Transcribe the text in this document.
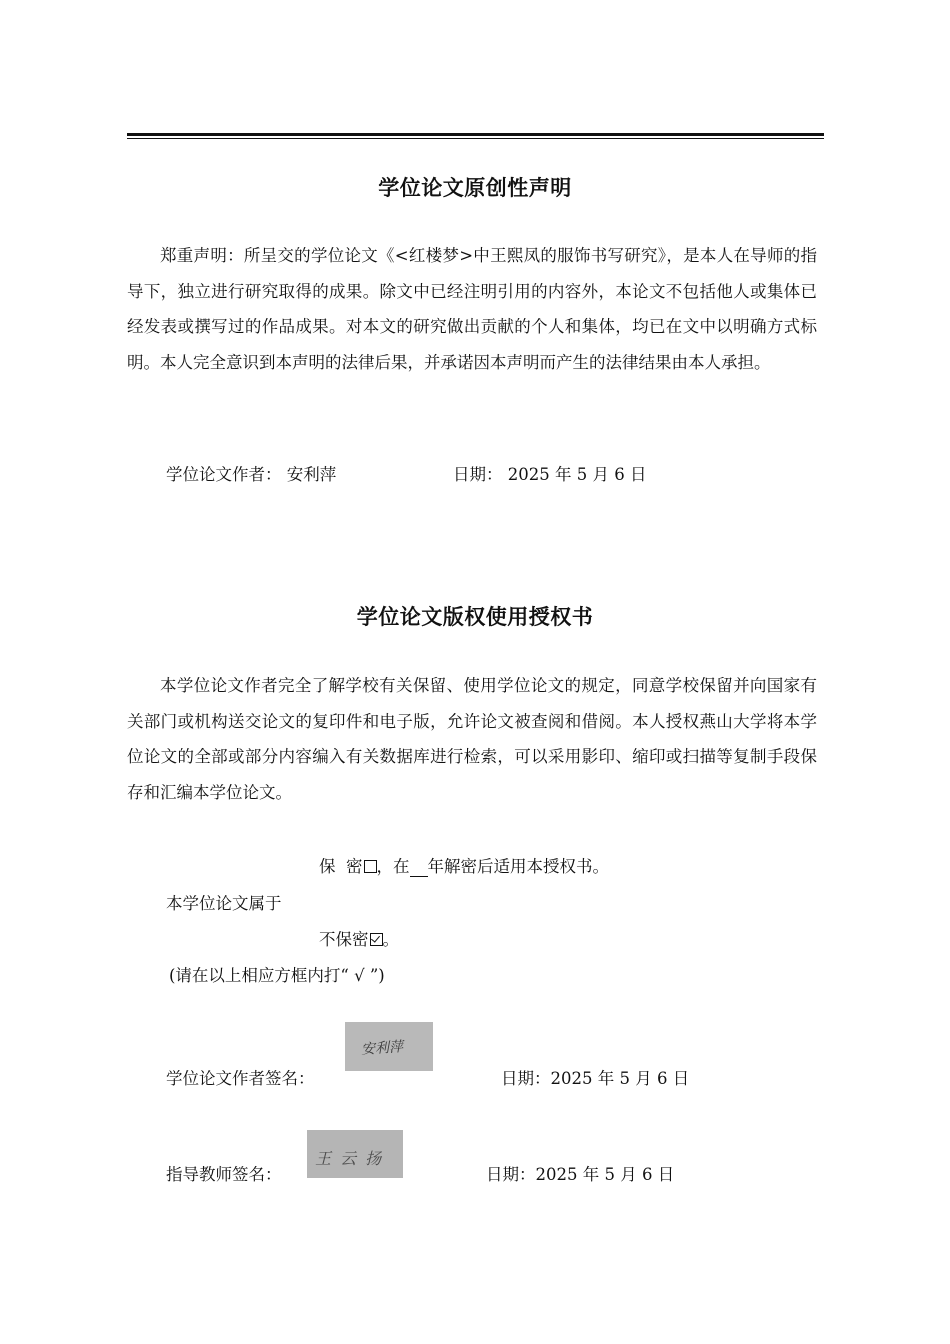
学位论文原创性声明

郑重声明：所呈交的学位论文《<红楼梦>中王熙凤的服饰书写研究》，是本人在导师的指导下，独立进行研究取得的成果。除文中已经注明引用的内容外，本论文不包括他人或集体已经发表或撰写过的作品成果。对本文的研究做出贡献的个人和集体，均已在文中以明确方式标明。本人完全意识到本声明的法律后果，并承诺因本声明而产生的法律结果由本人承担。

学位论文作者： 安利萍	日期： 2025 年 5 月 6 日
学位论文版权使用授权书

本学位论文作者完全了解学校有关保留、使用学位论文的规定，同意学校保留并向国家有关部门或机构送交论文的复印件和电子版，允许论文被查阅和借阅。本人授权燕山大学将本学位论文的全部或部分内容编入有关数据库进行检索，可以采用影印、缩印或扫描等复制手段保存和汇编本学位论文。

保  密 ，在 年解密后适用本授权书。
本学位论文属于
不保密 。
(请在以上相应方框内打“ √ ”)
学位论文作者签名：
安利萍
日期：2025 年 5 月 6 日
指导教师签名：
王 云 扬
日期：2025 年 5 月 6 日
